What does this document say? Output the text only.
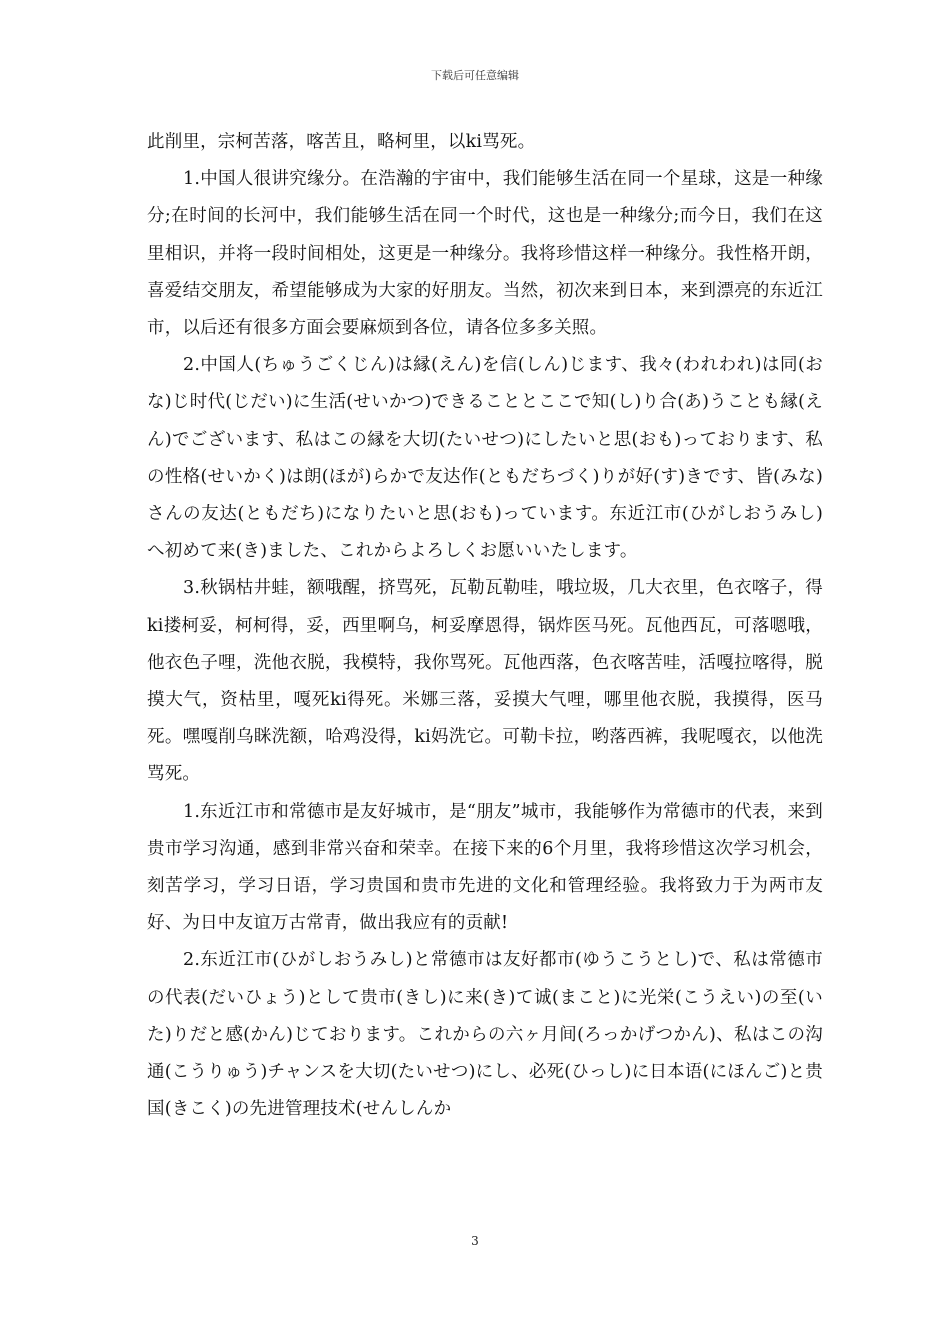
下载后可任意编辑

此削里，宗柯苦落，喀苦且，略柯里，以ki骂死。

1.中国人很讲究缘分。在浩瀚的宇宙中，我们能够生活在同一个星球，这是一种缘分;在时间的长河中，我们能够生活在同一个时代，这也是一种缘分;而今日，我们在这里相识，并将一段时间相处，这更是一种缘分。我将珍惜这样一种缘分。我性格开朗，喜爱结交朋友，希望能够成为大家的好朋友。当然，初次来到日本，来到漂亮的东近江市，以后还有很多方面会要麻烦到各位，请各位多多关照。

2.中国人(ちゅうごくじん)は縁(えん)を信(しん)じます、我々(われわれ)は同(おな)じ时代(じだい)に生活(せいかつ)できることとここで知(し)り合(あ)うことも縁(えん)でございます、私はこの縁を大切(たいせつ)にしたいと思(おも)っております、私の性格(せいかく)は朗(ほが)らかで友达作(ともだちづく)りが好(す)きです、皆(みな)さんの友达(ともだち)になりたいと思(おも)っています。东近江市(ひがしおうみし)へ初めて来(き)ました、これからよろしくお愿いいたします。

3.秋锅枯井蛙，额哦醒，挤骂死，瓦勒瓦勒哇，哦垃圾，几大衣里，色衣喀子，得ki搂柯妥，柯柯得，妥，西里啊乌，柯妥摩恩得，锅炸医马死。瓦他西瓦，可落嗯哦，他衣色子哩，洗他衣脱，我模特，我你骂死。瓦他西落，色衣喀苦哇，活嘎拉喀得，脱摸大气，资枯里，嘎死ki得死。米娜三落，妥摸大气哩，哪里他衣脱，我摸得，医马死。嘿嘎削乌眯洗额，哈鸡没得，ki妈洗它。可勒卡拉，哟落西裤，我呢嘎衣，以他洗骂死。

1.东近江市和常德市是友好城市，是“朋友”城市，我能够作为常德市的代表，来到贵市学习沟通，感到非常兴奋和荣幸。在接下来的6个月里，我将珍惜这次学习机会，刻苦学习，学习日语，学习贵国和贵市先进的文化和管理经验。我将致力于为两市友好、为日中友谊万古常青，做出我应有的贡献!

2.东近江市(ひがしおうみし)と常德市は友好都市(ゆうこうとし)で、私は常德市の代表(だいひょう)として贵市(きし)に来(き)て诚(まこと)に光栄(こうえい)の至(いた)りだと感(かん)じております。これからの六ヶ月间(ろっかげつかん)、私はこの沟通(こうりゅう)チャンスを大切(たいせつ)にし、必死(ひっし)に日本语(にほんご)と贵国(きこく)の先进管理技术(せんしんか

3
